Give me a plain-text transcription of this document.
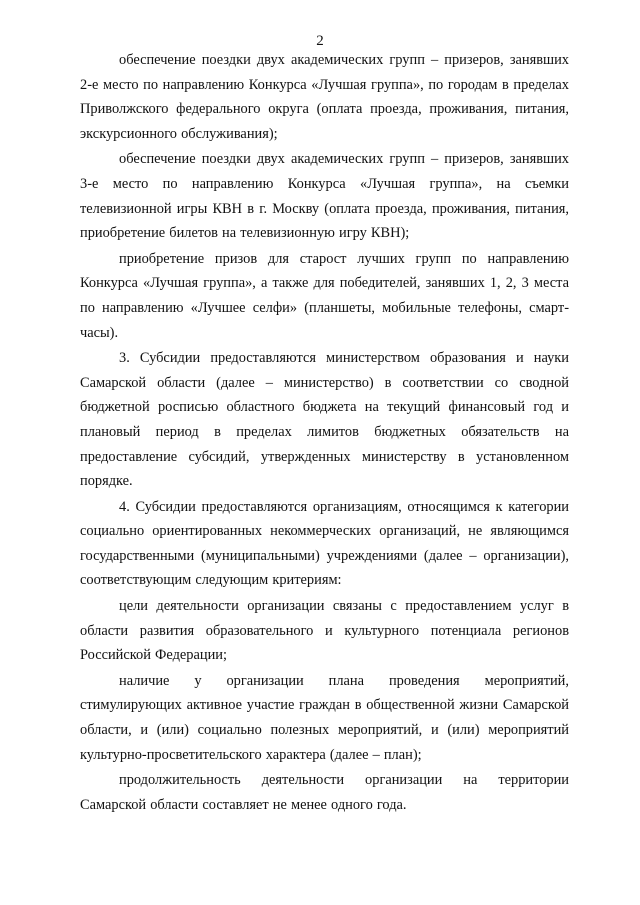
2

обеспечение поездки двух академических групп – призеров, занявших 2-е место по направлению Конкурса «Лучшая группа», по городам в пределах Приволжского федерального округа (оплата проезда, проживания, питания, экскурсионного обслуживания);

обеспечение поездки двух академических групп – призеров, занявших 3-е место по направлению Конкурса «Лучшая группа», на съемки телевизионной игры КВН в г. Москву (оплата проезда, проживания, питания, приобретение билетов на телевизионную игру КВН);

приобретение призов для старост лучших групп по направлению Конкурса «Лучшая группа», а также для победителей, занявших 1, 2, 3 места по направлению «Лучшее селфи» (планшеты, мобильные телефоны, смарт-часы).

3. Субсидии предоставляются министерством образования и науки Самарской области (далее – министерство) в соответствии со сводной бюджетной росписью областного бюджета на текущий финансовый год и плановый период в пределах лимитов бюджетных обязательств на предоставление субсидий, утвержденных министерству в установленном порядке.

4. Субсидии предоставляются организациям, относящимся к категории социально ориентированных некоммерческих организаций, не являющимся государственными (муниципальными) учреждениями (далее – организации), соответствующим следующим критериям:

цели деятельности организации связаны с предоставлением услуг в области развития образовательного и культурного потенциала регионов Российской Федерации;

наличие у организации плана проведения мероприятий, стимулирующих активное участие граждан в общественной жизни Самарской области, и (или) социально полезных мероприятий, и (или) мероприятий культурно-просветительского характера (далее – план);

продолжительность деятельности организации на территории Самарской области составляет не менее одного года.
